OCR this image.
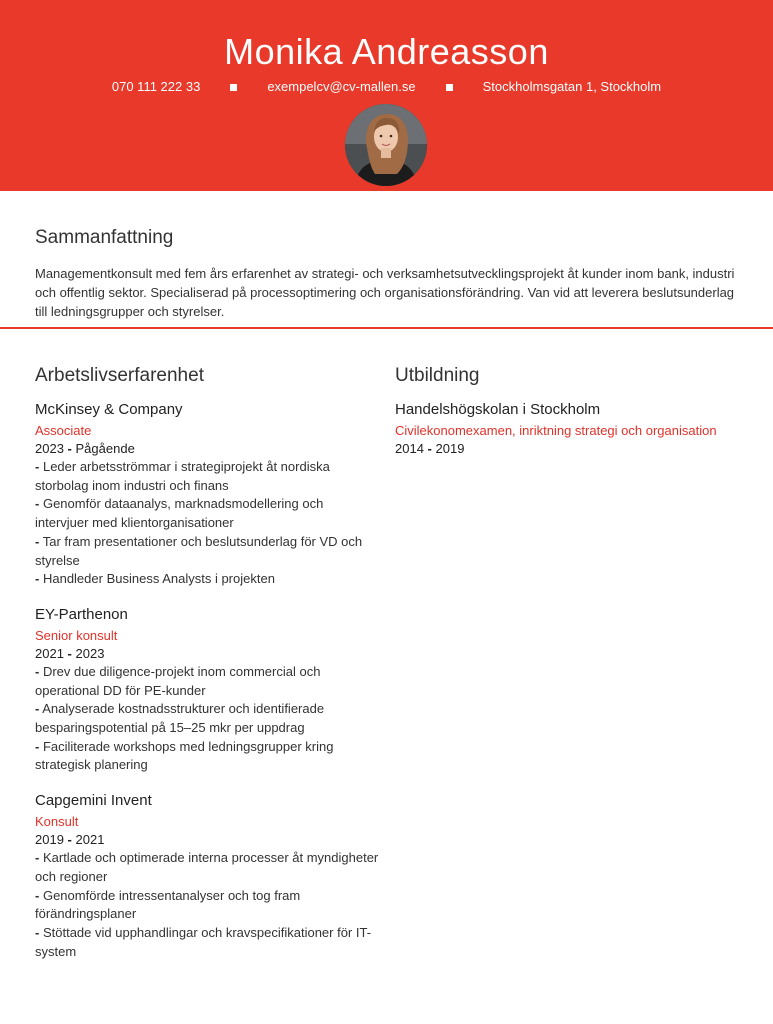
Monika Andreasson
070 111 222 33	exempelcv@cv-mallen.se	Stockholmsgatan 1, Stockholm
Sammanfattning

Managementkonsult med fem års erfarenhet av strategi- och verksamhetsutvecklingsprojekt åt kunder inom bank, industri och offentlig sektor. Specialiserad på processoptimering och organisationsförändring. Van vid att leverera beslutsunderlag till ledningsgrupper och styrelser.

Arbetslivserfarenhet
McKinsey & Company
Associate
2023 - Pågående
- Leder arbetsströmmar i strategiprojekt åt nordiska storbolag inom industri och finans
- Genomför dataanalys, marknadsmodellering och intervjuer med klientorganisationer
- Tar fram presentationer och beslutsunderlag för VD och styrelse
- Handleder Business Analysts i projekten
EY-Parthenon
Senior konsult
2021 - 2023
- Drev due diligence-projekt inom commercial och operational DD för PE-kunder
- Analyserade kostnadsstrukturer och identifierade besparingspotential på 15–25 mkr per uppdrag
- Faciliterade workshops med ledningsgrupper kring strategisk planering
Capgemini Invent
Konsult
2019 - 2021
- Kartlade och optimerade interna processer åt myndigheter och regioner
- Genomförde intressentanalyser och tog fram förändringsplaner
- Stöttade vid upphandlingar och kravspecifikationer för IT-system
Utbildning
Handelshögskolan i Stockholm
Civilekonomexamen, inriktning strategi och organisation
2014 - 2019
